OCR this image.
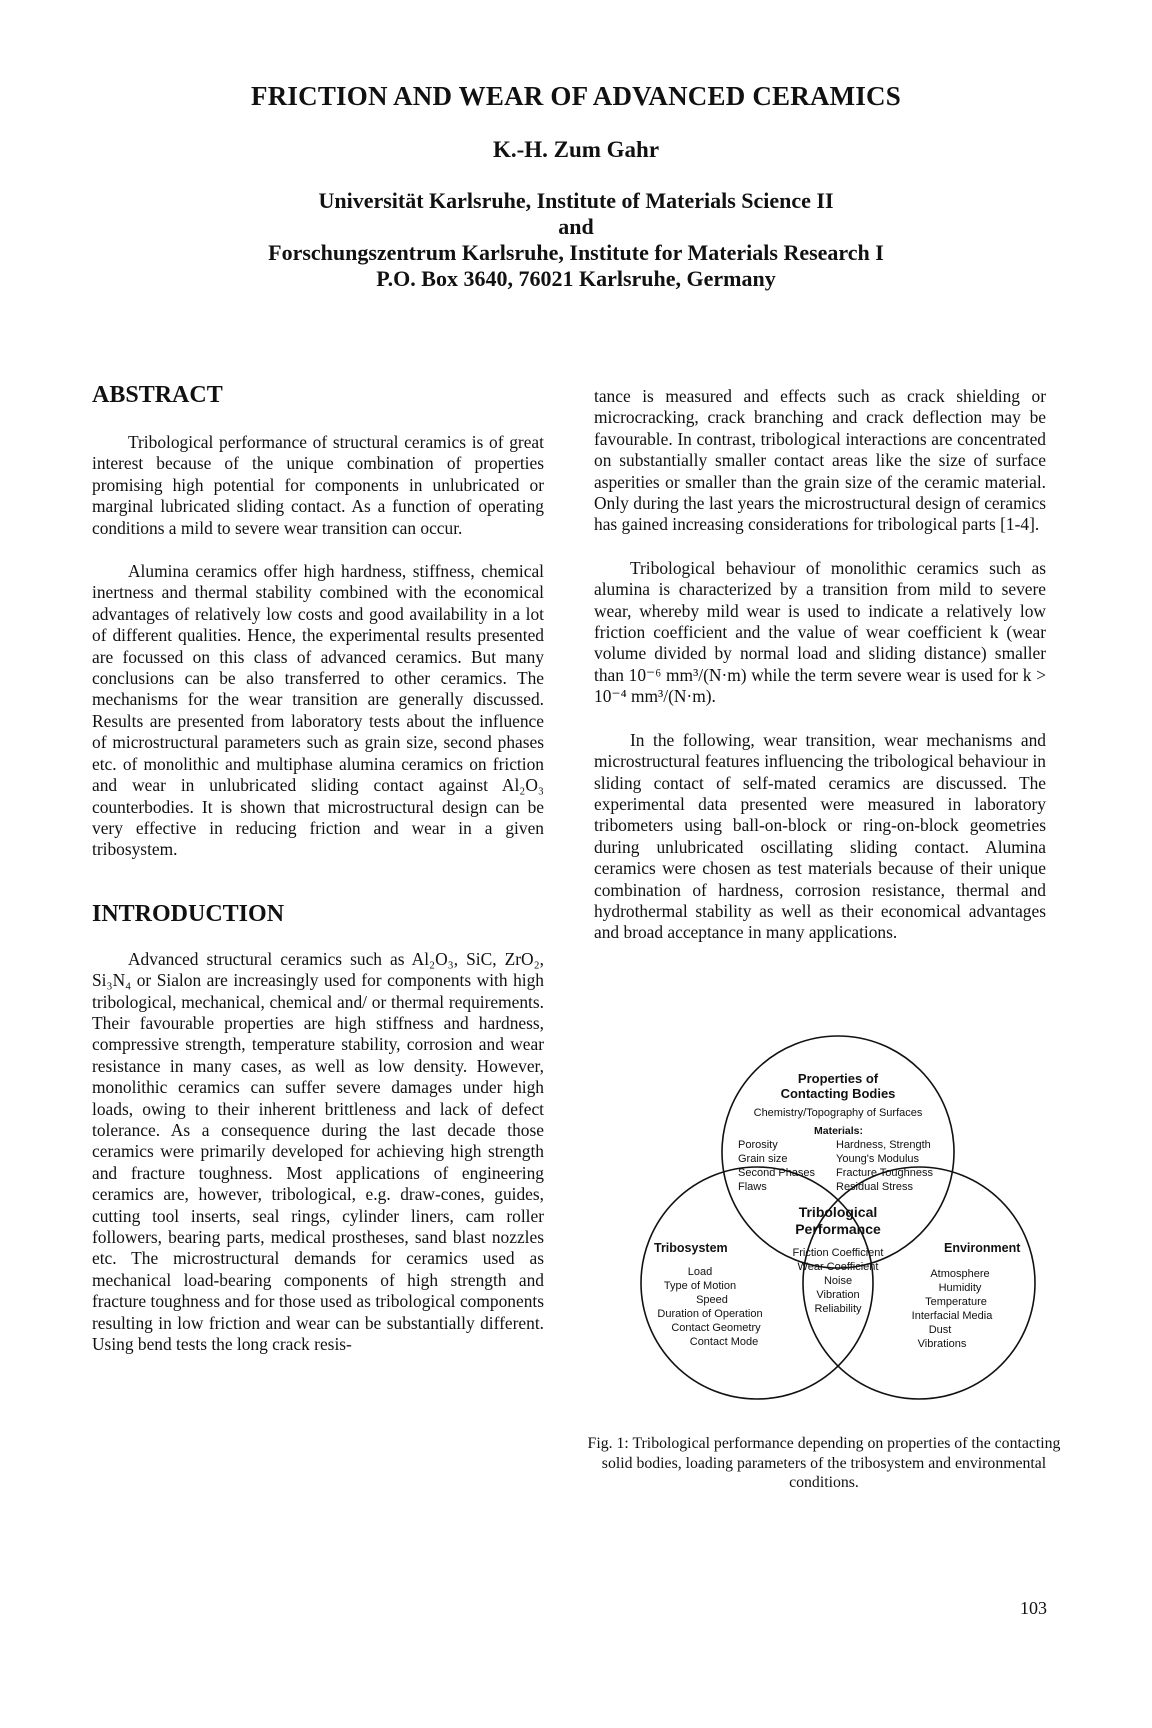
FRICTION AND WEAR OF ADVANCED CERAMICS
K.-H. Zum Gahr
Universität Karlsruhe, Institute of Materials Science II
and
Forschungszentrum Karlsruhe, Institute for Materials Research I
P.O. Box 3640, 76021 Karlsruhe, Germany
ABSTRACT

Tribological performance of structural ceramics is of great interest because of the unique combination of properties promising high potential for components in unlubricated or marginal lubricated sliding contact. As a function of operating conditions a mild to severe wear transition can occur.

Alumina ceramics offer high hardness, stiffness, chemical inertness and thermal stability combined with the economical advantages of relatively low costs and good availability in a lot of different qualities. Hence, the experimental results presented are focussed on this class of advanced ceramics. But many conclusions can be also transferred to other ceramics. The mechanisms for the wear transition are generally discussed. Results are presented from laboratory tests about the influence of microstructural parameters such as grain size, second phases etc. of monolithic and multiphase alumina ceramics on friction and wear in unlubricated sliding contact against Al₂O₃ counterbodies. It is shown that microstructural design can be very effective in reducing friction and wear in a given tribosystem.

INTRODUCTION

Advanced structural ceramics such as Al₂O₃, SiC, ZrO₂, Si₃N₄ or Sialon are increasingly used for components with high tribological, mechanical, chemical and/ or thermal requirements. Their favourable properties are high stiffness and hardness, compressive strength, temperature stability, corrosion and wear resistance in many cases, as well as low density. However, monolithic ceramics can suffer severe damages under high loads, owing to their inherent brittleness and lack of defect tolerance. As a consequence during the last decade those ceramics were primarily developed for achieving high strength and fracture toughness. Most applications of engineering ceramics are, however, tribological, e.g. draw-cones, guides, cutting tool inserts, seal rings, cylinder liners, cam roller followers, bearing parts, medical prostheses, sand blast nozzles etc. The microstructural demands for ceramics used as mechanical load-bearing components of high strength and fracture toughness and for those used as tribological components resulting in low friction and wear can be substantially different. Using bend tests the long crack resis-

tance is measured and effects such as crack shielding or microcracking, crack branching and crack deflection may be favourable. In contrast, tribological interactions are concentrated on substantially smaller contact areas like the size of surface asperities or smaller than the grain size of the ceramic material. Only during the last years the microstructural design of ceramics has gained increasing considerations for tribological parts [1-4].

Tribological behaviour of monolithic ceramics such as alumina is characterized by a transition from mild to severe wear, whereby mild wear is used to indicate a relatively low friction coefficient and the value of wear coefficient k (wear volume divided by normal load and sliding distance) smaller than 10⁻⁶ mm³/(N·m) while the term severe wear is used for k > 10⁻⁴ mm³/(N·m).

In the following, wear transition, wear mechanisms and microstructural features influencing the tribological behaviour in sliding contact of self-mated ceramics are discussed. The experimental data presented were measured in laboratory tribometers using ball-on-block or ring-on-block geometries during unlubricated oscillating sliding contact. Alumina ceramics were chosen as test materials because of their unique combination of hardness, corrosion resistance, thermal and hydrothermal stability as well as their economical advantages and broad acceptance in many applications.

Properties of
Contacting Bodies
Chemistry/Topography of Surfaces
Materials:
Porosity
Grain size
Second Phases
Flaws
Hardness, Strength
Young's Modulus
Fracture Toughness
Residual Stress
Tribological
Performance
Friction Coefficient
Wear Coefficient
Noise
Vibration
Reliability
Tribosystem
Load
Type of Motion
Speed
Duration of Operation
Contact Geometry
Contact Mode
Environment
Atmosphere
Humidity
Temperature
Interfacial Media
Dust
Vibrations
Fig. 1: Tribological performance depending on properties of the contacting solid bodies, loading parameters of the tribosystem and environmental conditions.
103
